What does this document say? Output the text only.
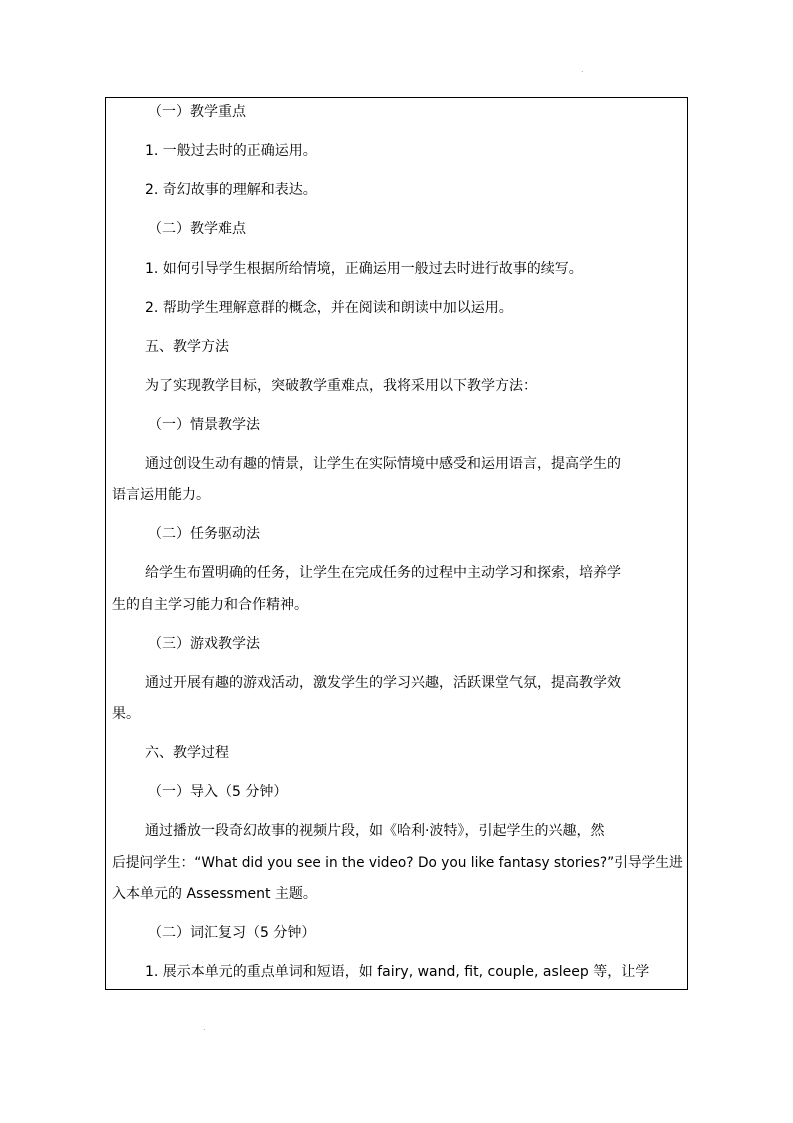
.
（一）教学重点
1. 一般过去时的正确运用。
2. 奇幻故事的理解和表达。
（二）教学难点
1. 如何引导学生根据所给情境，正确运用一般过去时进行故事的续写。
2. 帮助学生理解意群的概念，并在阅读和朗读中加以运用。
五、教学方法
为了实现教学目标，突破教学重难点，我将采用以下教学方法：
（一）情景教学法
通过创设生动有趣的情景，让学生在实际情境中感受和运用语言，提高学生的
语言运用能力。
（二）任务驱动法
给学生布置明确的任务，让学生在完成任务的过程中主动学习和探索，培养学
生的自主学习能力和合作精神。
（三）游戏教学法
通过开展有趣的游戏活动，激发学生的学习兴趣，活跃课堂气氛，提高教学效
果。
六、教学过程
（一）导入（5 分钟）
通过播放一段奇幻故事的视频片段，如《哈利·波特》，引起学生的兴趣，然
后提问学生：“What did you see in the video? Do you like fantasy stories?”引导学生进
入本单元的 Assessment 主题。
（二）词汇复习（5 分钟）
1. 展示本单元的重点单词和短语，如 fairy, wand, fit, couple, asleep 等，让学
.
